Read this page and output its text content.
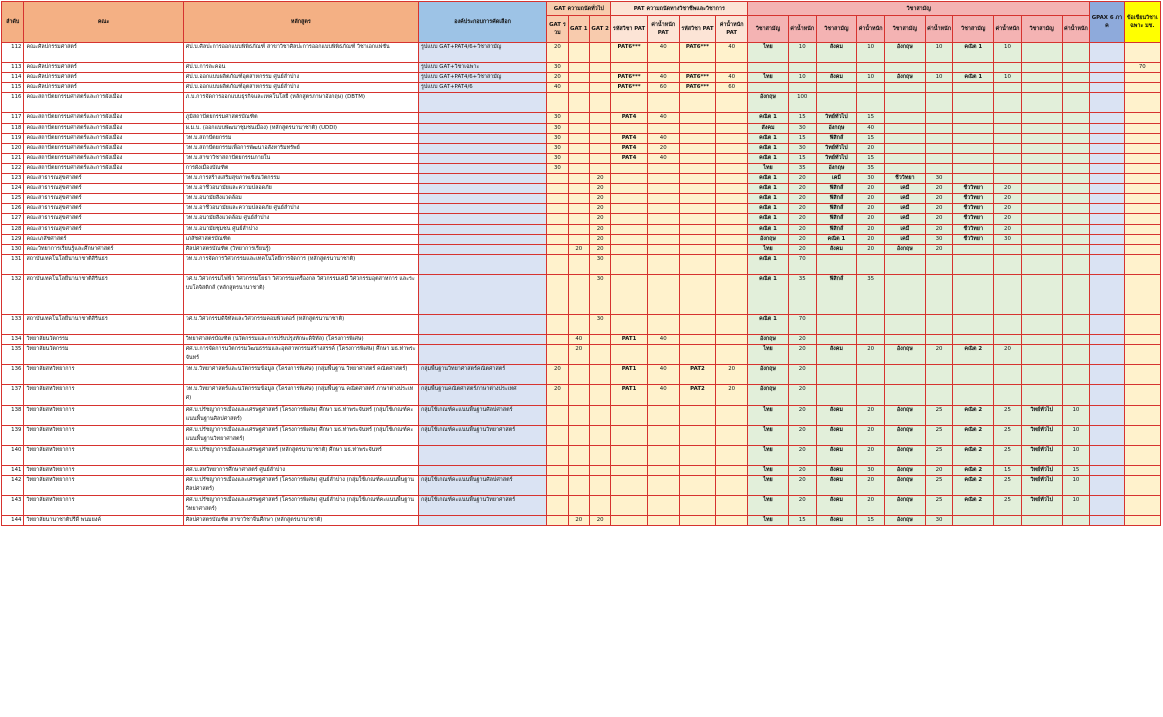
ลำดับ	คณะ	หลักสูตร	องค์ประกอบการคัดเลือก	GAT ความถนัดทั่วไป			PAT ความถนัดทางวิชาชีพและวิชาการ				วิชาสามัญ										GPAX 6 ภาค	ข้อเขียนวิชาเฉพาะ มช.
				GAT รวม	GAT 1	GAT 2	รหัสวิชา PAT	ค่าน้ำหนัก PAT	รหัสวิชา PAT	ค่าน้ำหนัก PAT	วิชาสามัญ	ค่าน้ำหนัก	วิชาสามัญ	ค่าน้ำหนัก	วิชาสามัญ	ค่าน้ำหนัก	วิชาสามัญ	ค่าน้ำหนัก	วิชาสามัญ	ค่าน้ำหนัก		
112	คณะศิลปกรรมศาสตร์	ศป.บ.ศิลปะการออกแบบพิพิธภัณฑ์ สาขาวิชาศิลปะการออกแบบพิพิธภัณฑ์ วิชาเอกแฟชั่น	รูปแบบ GAT+PAT4/6+วิชาสามัญ	20			PAT6***	40	PAT6***	40	ไทย	10	สังคม	10	อังกฤษ	10	คณิต 1	10				
113	คณะศิลปกรรมศาสตร์	ศป.บ.การละคอน	รูปแบบ GAT+วิชาเฉพาะ	30																		70
114	คณะศิลปกรรมศาสตร์	ศป.บ.ออกแบบผลิตภัณฑ์อุตสาหกรรม ศูนย์ลำปาง	รูปแบบ GAT+PAT4/6+วิชาสามัญ	20			PAT6***	40	PAT6***	40	ไทย	10	สังคม	10	อังกฤษ	10	คณิต 1	10				
115	คณะศิลปกรรมศาสตร์	ศป.บ.ออกแบบผลิตภัณฑ์อุตสาหกรรม ศูนย์ลำปาง	รูปแบบ GAT+PAT4/6	40			PAT6***	60	PAT6***	60												
116	คณะสถาปัตยกรรมศาสตร์และการผังเมือง	ภ.บ.การจัดการออกแบบธุรกิจและเทคโนโลยี (หลักสูตรภาษาอังกฤษ) (DBTM)									อังกฤษ	100										
117	คณะสถาปัตยกรรมศาสตร์และการผังเมือง	ภูมิสถาปัตยกรรมศาสตรบัณฑิต		30			PAT4	40			คณิต 1	15	วิทย์ทั่วไป	15								
118	คณะสถาปัตยกรรมศาสตร์และการผังเมือง	ผ.ม.บ. (ออกแบบพัฒนาชุมชนเมือง) (หลักสูตรนานาชาติ) (UDDI)		30							สังคม	30	อังกฤษ	40								
119	คณะสถาปัตยกรรมศาสตร์และการผังเมือง	วท.บ.สถาปัตยกรรม		30			PAT4	40			คณิต 1	15	ฟิสิกส์	15								
120	คณะสถาปัตยกรรมศาสตร์และการผังเมือง	วท.บ.สถาปัตยกรรมเพื่อการพัฒนาอสังหาริมทรัพย์		30			PAT4	20			คณิต 1	30	วิทย์ทั่วไป	20								
121	คณะสถาปัตยกรรมศาสตร์และการผังเมือง	วท.บ.สาขาวิชาสถาปัตยกรรมภายใน		30			PAT4	40			คณิต 1	15	วิทย์ทั่วไป	15								
122	คณะสถาปัตยกรรมศาสตร์และการผังเมือง	การผังเมืองบัณฑิต		30							ไทย	35	อังกฤษ	35								
123	คณะสาธารณสุขศาสตร์	วท.บ.การสร้างเสริมสุขภาพเชิงนวัตกรรม				20					คณิต 1	20	เคมี	30	ชีววิทยา	30						
124	คณะสาธารณสุขศาสตร์	วท.บ.อาชีวอนามัยและความปลอดภัย				20					คณิต 1	20	ฟิสิกส์	20	เคมี	20	ชีววิทยา	20				
125	คณะสาธารณสุขศาสตร์	วท.บ.อนามัยสิ่งแวดล้อม				20					คณิต 1	20	ฟิสิกส์	20	เคมี	20	ชีววิทยา	20				
126	คณะสาธารณสุขศาสตร์	วท.บ.อาชีวอนามัยและความปลอดภัย ศูนย์ลำปาง				20					คณิต 1	20	ฟิสิกส์	20	เคมี	20	ชีววิทยา	20				
127	คณะสาธารณสุขศาสตร์	วท.บ.อนามัยสิ่งแวดล้อม ศูนย์ลำปาง				20					คณิต 1	20	ฟิสิกส์	20	เคมี	20	ชีววิทยา	20				
128	คณะสาธารณสุขศาสตร์	วท.บ.อนามัยชุมชน ศูนย์ลำปาง				20					คณิต 1	20	ฟิสิกส์	20	เคมี	20	ชีววิทยา	20				
129	คณะเภสัชศาสตร์	เภสัชศาสตรบัณฑิต				20					อังกฤษ	20	คณิต 1	20	เคมี	30	ชีววิทยา	30				
130	คณะวิทยาการเรียนรู้และศึกษาศาสตร์	ศิลปศาสตรบัณฑิต (วิทยาการเรียนรู้)			20	20					ไทย	20	สังคม	20	อังกฤษ	20						
131	สถาบันเทคโนโลยีนานาชาติสิรินธร	วท.บ.การจัดการวิศวกรรมและเทคโนโลยีการจัดการ (หลักสูตรนานาชาติ)				30					คณิต 1	70										
132	สถาบันเทคโนโลยีนานาชาติสิรินธร	วศ.บ.วิศวกรรมไฟฟ้า วิศวกรรมโยธา วิศวกรรมเครื่องกล วิศวกรรมเคมี วิศวกรรมอุตสาหการ และระบบโลจิสติกส์ (หลักสูตรนานาชาติ)				30					คณิต 1	35	ฟิสิกส์	35								
133	สถาบันเทคโนโลยีนานาชาติสิรินธร	วศ.บ.วิศวกรรมดิจิทัลและวิศวกรรมคอมพิวเตอร์ (หลักสูตรนานาชาติ)				30					คณิต 1	70										
134	วิทยาลัยนวัตกรรม	วิทยาศาสตรบัณฑิต (นวัตกรรมและการปรับปรุงทักษะดิจิทัล) (โครงการพิเศษ)			40		PAT1	40			อังกฤษ	20										
135	วิทยาลัยนวัตกรรม	ศศ.บ.การจัดการนวัตกรรมวัฒนธรรมและอุตสาหกรรมสร้างสรรค์ (โครงการพิเศษ) ศึกษา มธ.ท่าพระจันทร์			20						ไทย	20	สังคม	20	อังกฤษ	20	คณิต 2	20				
136	วิทยาลัยสหวิทยาการ	วท.บ.วิทยาศาสตร์และนวัตกรรมข้อมูล (โครงการพิเศษ) (กลุ่มพื้นฐาน วิทยาศาสตร์ คณิตศาสตร์)	กลุ่มพื้นฐานวิทยาศาสตร์คณิตศาสตร์	20			PAT1	40	PAT2	20	อังกฤษ	20										
137	วิทยาลัยสหวิทยาการ	วท.บ.วิทยาศาสตร์และนวัตกรรมข้อมูล (โครงการพิเศษ) (กลุ่มพื้นฐาน คณิตศาสตร์ ภาษาต่างประเทศ)	กลุ่มพื้นฐานคณิตศาสตร์ภาษาต่างประเทศ	20			PAT1	40	PAT2	20	อังกฤษ	20										
138	วิทยาลัยสหวิทยาการ	ศศ.บ.ปรัชญาการเมืองและเศรษฐศาสตร์ (โครงการพิเศษ) ศึกษา มธ.ท่าพระจันทร์ (กลุ่มใช้เกณฑ์คะแนนพื้นฐานศิลปศาสตร์)	กลุ่มใช้เกณฑ์คะแนนพื้นฐานศิลปศาสตร์								ไทย	20	สังคม	20	อังกฤษ	25	คณิต 2	25	วิทย์ทั่วไป	10		
139	วิทยาลัยสหวิทยาการ	ศศ.บ.ปรัชญาการเมืองและเศรษฐศาสตร์ (โครงการพิเศษ) ศึกษา มธ.ท่าพระจันทร์ (กลุ่มใช้เกณฑ์คะแนนพื้นฐานวิทยาศาสตร์)	กลุ่มใช้เกณฑ์คะแนนพื้นฐานวิทยาศาสตร์								ไทย	20	สังคม	20	อังกฤษ	25	คณิต 2	25	วิทย์ทั่วไป	10		
140	วิทยาลัยสหวิทยาการ	ศศ.บ.ปรัชญาการเมืองและเศรษฐศาสตร์ (หลักสูตรนานาชาติ) ศึกษา มธ.ท่าพระจันทร์									ไทย	20	สังคม	20	อังกฤษ	25	คณิต 2	25	วิทย์ทั่วไป	10		
141	วิทยาลัยสหวิทยาการ	ศศ.บ.สหวิทยาการศึกษาศาสตร์ ศูนย์ลำปาง									ไทย	20	สังคม	30	อังกฤษ	20	คณิต 2	15	วิทย์ทั่วไป	15		
142	วิทยาลัยสหวิทยาการ	ศศ.บ.ปรัชญาการเมืองและเศรษฐศาสตร์ (โครงการพิเศษ) ศูนย์ลำปาง (กลุ่มใช้เกณฑ์คะแนนพื้นฐานศิลปศาสตร์)	กลุ่มใช้เกณฑ์คะแนนพื้นฐานศิลปศาสตร์								ไทย	20	สังคม	20	อังกฤษ	25	คณิต 2	25	วิทย์ทั่วไป	10		
143	วิทยาลัยสหวิทยาการ	ศศ.บ.ปรัชญาการเมืองและเศรษฐศาสตร์ (โครงการพิเศษ) ศูนย์ลำปาง (กลุ่มใช้เกณฑ์คะแนนพื้นฐานวิทยาศาสตร์)	กลุ่มใช้เกณฑ์คะแนนพื้นฐานวิทยาศาสตร์								ไทย	20	สังคม	20	อังกฤษ	25	คณิต 2	25	วิทย์ทั่วไป	10		
144	วิทยาลัยนานาชาติปรีดี พนมยงค์	ศิลปศาสตรบัณฑิต สาขาวิชาจีนศึกษา (หลักสูตรนานาชาติ)			20	20					ไทย	15	สังคม	15	อังกฤษ	30						
